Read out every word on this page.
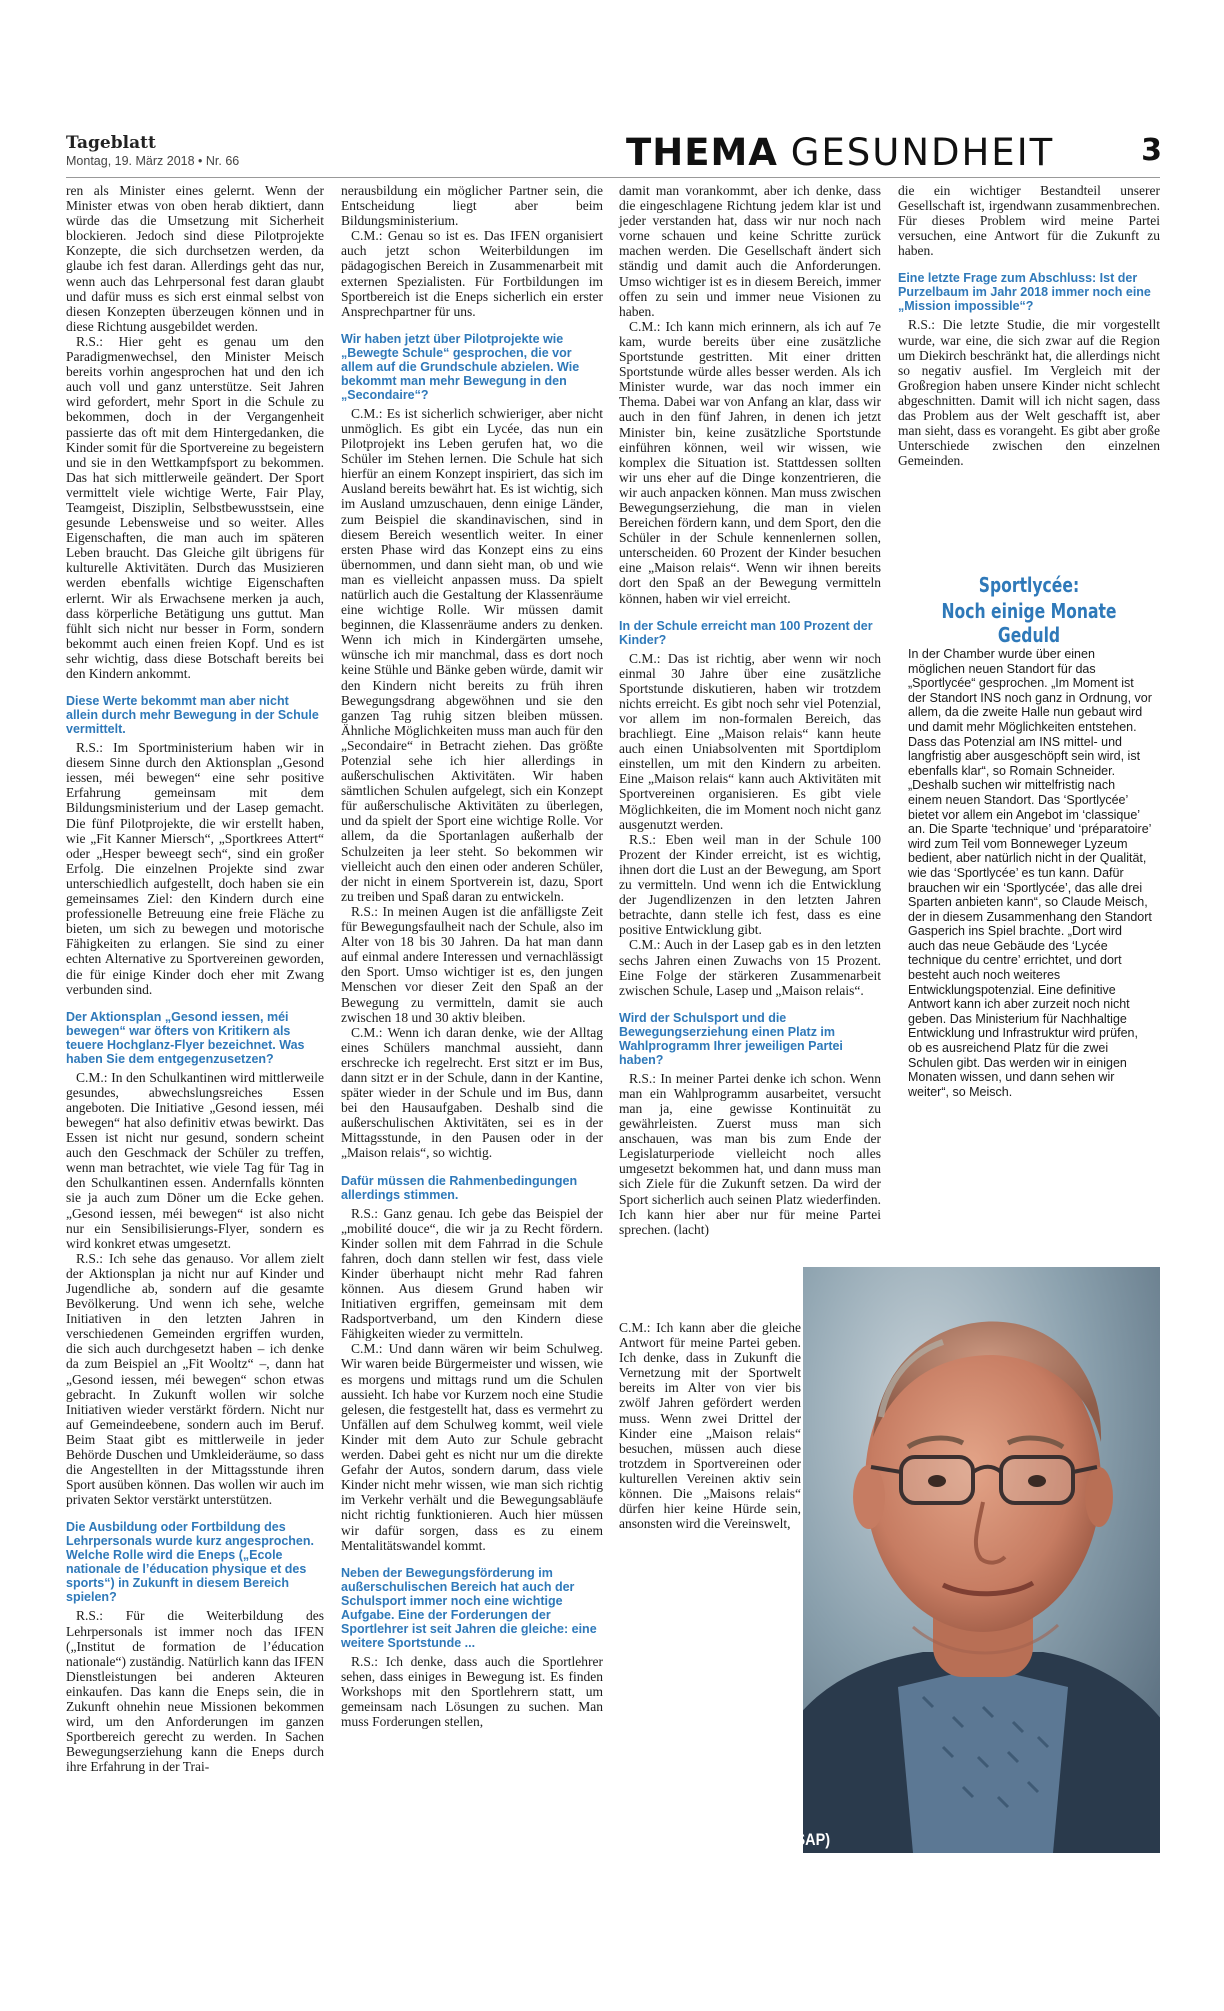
Tageblatt
Montag, 19. März 2018 • Nr. 66	THEMA GESUNDHEIT	3

ren als Minister eines gelernt. Wenn der Minister etwas von oben herab diktiert, dann würde das die Umsetzung mit Sicherheit blockieren. Jedoch sind diese Pilotprojekte Konzepte, die sich durchsetzen werden, da glaube ich fest daran. Allerdings geht das nur, wenn auch das Lehrpersonal fest daran glaubt und dafür muss es sich erst einmal selbst von diesen Konzepten überzeugen können und in diese Richtung ausgebildet werden.

R.S.: Hier geht es genau um den Paradigmenwechsel, den Minister Meisch bereits vorhin angesprochen hat und den ich auch voll und ganz unterstütze. Seit Jahren wird gefordert, mehr Sport in die Schule zu bekommen, doch in der Vergangenheit passierte das oft mit dem Hintergedanken, die Kinder somit für die Sportvereine zu begeistern und sie in den Wettkampfsport zu bekommen. Das hat sich mittlerweile geändert. Der Sport vermittelt viele wichtige Werte, Fair Play, Teamgeist, Disziplin, Selbstbewusstsein, eine gesunde Lebensweise und so weiter. Alles Eigenschaften, die man auch im späteren Leben braucht. Das Gleiche gilt übrigens für kulturelle Aktivitäten. Durch das Musizieren werden ebenfalls wichtige Eigenschaften erlernt. Wir als Erwachsene merken ja auch, dass körperliche Betätigung uns guttut. Man fühlt sich nicht nur besser in Form, sondern bekommt auch einen freien Kopf. Und es ist sehr wichtig, dass diese Botschaft bereits bei den Kindern ankommt.

Diese Werte bekommt man aber nicht allein durch mehr Bewegung in der Schule vermittelt.

R.S.: Im Sportministerium haben wir in diesem Sinne durch den Aktionsplan „Gesond iessen, méi bewegen“ eine sehr positive Erfahrung gemeinsam mit dem Bildungsministerium und der Lasep gemacht. Die fünf Pilotprojekte, die wir erstellt haben, wie „Fit Kanner Miersch“, „Sportkrees Attert“ oder „Hesper beweegt sech“, sind ein großer Erfolg. Die einzelnen Projekte sind zwar unterschiedlich aufgestellt, doch haben sie ein gemeinsames Ziel: den Kindern durch eine professionelle Betreuung eine freie Fläche zu bieten, um sich zu bewegen und motorische Fähigkeiten zu erlangen. Sie sind zu einer echten Alternative zu Sportvereinen geworden, die für einige Kinder doch eher mit Zwang verbunden sind.

Der Aktionsplan „Gesond iessen, méi bewegen“ war öfters von Kritikern als teuere Hochglanz-Flyer bezeichnet. Was haben Sie dem entgegenzusetzen?

C.M.: In den Schulkantinen wird mittlerweile gesundes, abwechslungsreiches Essen angeboten. Die Initiative „Gesond iessen, méi bewegen“ hat also definitiv etwas bewirkt. Das Essen ist nicht nur gesund, sondern scheint auch den Geschmack der Schüler zu treffen, wenn man betrachtet, wie viele Tag für Tag in den Schulkantinen essen. Andernfalls könnten sie ja auch zum Döner um die Ecke gehen. „Gesond iessen, méi bewegen“ ist also nicht nur ein Sensibilisierungs-Flyer, sondern es wird konkret etwas umgesetzt.

R.S.: Ich sehe das genauso. Vor allem zielt der Aktionsplan ja nicht nur auf Kinder und Jugendliche ab, sondern auf die gesamte Bevölkerung. Und wenn ich sehe, welche Initiativen in den letzten Jahren in verschiedenen Gemeinden ergriffen wurden, die sich auch durchgesetzt haben – ich denke da zum Beispiel an „Fit Wooltz“ –, dann hat „Gesond iessen, méi bewegen“ schon etwas gebracht. In Zukunft wollen wir solche Initiativen wieder verstärkt fördern. Nicht nur auf Gemeindeebene, sondern auch im Beruf. Beim Staat gibt es mittlerweile in jeder Behörde Duschen und Umkleideräume, so dass die Angestellten in der Mittagsstunde ihren Sport ausüben können. Das wollen wir auch im privaten Sektor verstärkt unterstützen.

Die Ausbildung oder Fortbildung des Lehrpersonals wurde kurz angesprochen. Welche Rolle wird die Eneps („Ecole nationale de l’éducation physique et des sports“) in Zukunft in diesem Bereich spielen?

R.S.: Für die Weiterbildung des Lehrpersonals ist immer noch das IFEN („Institut de formation de l’éducation nationale“) zuständig. Natürlich kann das IFEN Dienstleistungen bei anderen Akteuren einkaufen. Das kann die Eneps sein, die in Zukunft ohnehin neue Missionen bekommen wird, um den Anforderungen im ganzen Sportbereich gerecht zu werden. In Sachen Bewegungserziehung kann die Eneps durch ihre Erfahrung in der Trai-

nerausbildung ein möglicher Partner sein, die Entscheidung liegt aber beim Bildungsministerium.

C.M.: Genau so ist es. Das IFEN organisiert auch jetzt schon Weiterbildungen im pädagogischen Bereich in Zusammenarbeit mit externen Spezialisten. Für Fortbildungen im Sportbereich ist die Eneps sicherlich ein erster Ansprechpartner für uns.

Wir haben jetzt über Pilotprojekte wie „Bewegte Schule“ gesprochen, die vor allem auf die Grundschule abzielen. Wie bekommt man mehr Bewegung in den „Secondaire“?

C.M.: Es ist sicherlich schwieriger, aber nicht unmöglich. Es gibt ein Lycée, das nun ein Pilotprojekt ins Leben gerufen hat, wo die Schüler im Stehen lernen. Die Schule hat sich hierfür an einem Konzept inspiriert, das sich im Ausland bereits bewährt hat. Es ist wichtig, sich im Ausland umzuschauen, denn einige Länder, zum Beispiel die skandinavischen, sind in diesem Bereich wesentlich weiter. In einer ersten Phase wird das Konzept eins zu eins übernommen, und dann sieht man, ob und wie man es vielleicht anpassen muss. Da spielt natürlich auch die Gestaltung der Klassenräume eine wichtige Rolle. Wir müssen damit beginnen, die Klassenräume anders zu denken. Wenn ich mich in Kindergärten umsehe, wünsche ich mir manchmal, dass es dort noch keine Stühle und Bänke geben würde, damit wir den Kindern nicht bereits zu früh ihren Bewegungsdrang abgewöhnen und sie den ganzen Tag ruhig sitzen bleiben müssen. Ähnliche Möglichkeiten muss man auch für den „Secondaire“ in Betracht ziehen. Das größte Potenzial sehe ich hier allerdings in außerschulischen Aktivitäten. Wir haben sämtlichen Schulen aufgelegt, sich ein Konzept für außerschulische Aktivitäten zu überlegen, und da spielt der Sport eine wichtige Rolle. Vor allem, da die Sportanlagen außerhalb der Schulzeiten ja leer steht. So bekommen wir vielleicht auch den einen oder anderen Schüler, der nicht in einem Sportverein ist, dazu, Sport zu treiben und Spaß daran zu entwickeln.

R.S.: In meinen Augen ist die anfälligste Zeit für Bewegungsfaulheit nach der Schule, also im Alter von 18 bis 30 Jahren. Da hat man dann auf einmal andere Interessen und vernachlässigt den Sport. Umso wichtiger ist es, den jungen Menschen vor dieser Zeit den Spaß an der Bewegung zu vermitteln, damit sie auch zwischen 18 und 30 aktiv bleiben.

C.M.: Wenn ich daran denke, wie der Alltag eines Schülers manchmal aussieht, dann erschrecke ich regelrecht. Erst sitzt er im Bus, dann sitzt er in der Schule, dann in der Kantine, später wieder in der Schule und im Bus, dann bei den Hausaufgaben. Deshalb sind die außerschulischen Aktivitäten, sei es in der Mittagsstunde, in den Pausen oder in der „Maison relais“, so wichtig.

Dafür müssen die Rahmenbedingungen allerdings stimmen.

R.S.: Ganz genau. Ich gebe das Beispiel der „mobilité douce“, die wir ja zu Recht fördern. Kinder sollen mit dem Fahrrad in die Schule fahren, doch dann stellen wir fest, dass viele Kinder überhaupt nicht mehr Rad fahren können. Aus diesem Grund haben wir Initiativen ergriffen, gemeinsam mit dem Radsportverband, um den Kindern diese Fähigkeiten wieder zu vermitteln.

C.M.: Und dann wären wir beim Schulweg. Wir waren beide Bürgermeister und wissen, wie es morgens und mittags rund um die Schulen aussieht. Ich habe vor Kurzem noch eine Studie gelesen, die festgestellt hat, dass es vermehrt zu Unfällen auf dem Schulweg kommt, weil viele Kinder mit dem Auto zur Schule gebracht werden. Dabei geht es nicht nur um die direkte Gefahr der Autos, sondern darum, dass viele Kinder nicht mehr wissen, wie man sich richtig im Verkehr verhält und die Bewegungsabläufe nicht richtig funktionieren. Auch hier müssen wir dafür sorgen, dass es zu einem Mentalitätswandel kommt.

Neben der Bewegungsförderung im außerschulischen Bereich hat auch der Schulsport immer noch eine wichtige Aufgabe. Eine der Forderungen der Sportlehrer ist seit Jahren die gleiche: eine weitere Sportstunde ...

R.S.: Ich denke, dass auch die Sportlehrer sehen, dass einiges in Bewegung ist. Es finden Workshops mit den Sportlehrern statt, um gemeinsam nach Lösungen zu suchen. Man muss Forderungen stellen,

damit man vorankommt, aber ich denke, dass die eingeschlagene Richtung jedem klar ist und jeder verstanden hat, dass wir nur noch nach vorne schauen und keine Schritte zurück machen werden. Die Gesellschaft ändert sich ständig und damit auch die Anforderungen. Umso wichtiger ist es in diesem Bereich, immer offen zu sein und immer neue Visionen zu haben.

C.M.: Ich kann mich erinnern, als ich auf 7e kam, wurde bereits über eine zusätzliche Sportstunde gestritten. Mit einer dritten Sportstunde würde alles besser werden. Als ich Minister wurde, war das noch immer ein Thema. Dabei war von Anfang an klar, dass wir auch in den fünf Jahren, in denen ich jetzt Minister bin, keine zusätzliche Sportstunde einführen können, weil wir wissen, wie komplex die Situation ist. Stattdessen sollten wir uns eher auf die Dinge konzentrieren, die wir auch anpacken können. Man muss zwischen Bewegungserziehung, die man in vielen Bereichen fördern kann, und dem Sport, den die Schüler in der Schule kennenlernen sollen, unterscheiden. 60 Prozent der Kinder besuchen eine „Maison relais“. Wenn wir ihnen bereits dort den Spaß an der Bewegung vermitteln können, haben wir viel erreicht.

In der Schule erreicht man 100 Prozent der Kinder?

C.M.: Das ist richtig, aber wenn wir noch einmal 30 Jahre über eine zusätzliche Sportstunde diskutieren, haben wir trotzdem nichts erreicht. Es gibt noch sehr viel Potenzial, vor allem im non-formalen Bereich, das brachliegt. Eine „Maison relais“ kann heute auch einen Uniabsolventen mit Sportdiplom einstellen, um mit den Kindern zu arbeiten. Eine „Maison relais“ kann auch Aktivitäten mit Sportvereinen organisieren. Es gibt viele Möglichkeiten, die im Moment noch nicht ganz ausgenutzt werden.

R.S.: Eben weil man in der Schule 100 Prozent der Kinder erreicht, ist es wichtig, ihnen dort die Lust an der Bewegung, am Sport zu vermitteln. Und wenn ich die Entwicklung der Jugendlizenzen in den letzten Jahren betrachte, dann stelle ich fest, dass es eine positive Entwicklung gibt.

C.M.: Auch in der Lasep gab es in den letzten sechs Jahren einen Zuwachs von 15 Prozent. Eine Folge der stärkeren Zusammenarbeit zwischen Schule, Lasep und „Maison relais“.

Wird der Schulsport und die Bewegungserziehung einen Platz im Wahlprogramm Ihrer jeweiligen Partei haben?

R.S.: In meiner Partei denke ich schon. Wenn man ein Wahlprogramm ausarbeitet, versucht man ja, eine gewisse Kontinuität zu gewährleisten. Zuerst muss man sich anschauen, was man bis zum Ende der Legislaturperiode vielleicht noch alles umgesetzt bekommen hat, und dann muss man sich Ziele für die Zukunft setzen. Da wird der Sport sicherlich auch seinen Platz wiederfinden. Ich kann hier aber nur für meine Partei sprechen. (lacht)

C.M.: Ich kann aber die gleiche Antwort für meine Partei geben. Ich denke, dass in Zukunft die Vernetzung mit der Sportwelt bereits im Alter von vier bis zwölf Jahren gefördert werden muss. Wenn zwei Drittel der Kinder eine „Maison relais“ besuchen, müssen auch diese trotzdem in Sportvereinen oder kulturellen Vereinen aktiv sein können. Die „Maisons relais“ dürfen hier keine Hürde sein, ansonsten wird die Vereinswelt,

die ein wichtiger Bestandteil unserer Gesellschaft ist, irgendwann zusammenbrechen. Für dieses Problem wird meine Partei versuchen, eine Antwort für die Zukunft zu haben.

Eine letzte Frage zum Abschluss: Ist der Purzelbaum im Jahr 2018 immer noch eine „Mission impossible“?

R.S.: Die letzte Studie, die mir vorgestellt wurde, war eine, die sich zwar auf die Region um Diekirch beschränkt hat, die allerdings nicht so negativ ausfiel. Im Vergleich mit der Großregion haben unsere Kinder nicht schlecht abgeschnitten. Damit will ich nicht sagen, dass das Problem aus der Welt geschafft ist, aber man sieht, dass es vorangeht. Es gibt aber große Unterschiede zwischen den einzelnen Gemeinden.

Sportlycée:
Noch einige Monate Geduld

In der Chamber wurde über einen möglichen neuen Standort für das „Sportlycée“ gesprochen. „Im Moment ist der Standort INS noch ganz in Ordnung, vor allem, da die zweite Halle nun gebaut wird und damit mehr Möglichkeiten entstehen. Dass das Potenzial am INS mittel- und langfristig aber ausgeschöpft sein wird, ist ebenfalls klar“, so Romain Schneider. „Deshalb suchen wir mittelfristig nach einem neuen Standort. Das ‘Sportlycée’ bietet vor allem ein Angebot im ‘classique’ an. Die Sparte ‘technique’ und ‘préparatoire’ wird zum Teil vom Bonneweger Lyzeum bedient, aber natürlich nicht in der Qualität, wie das ‘Sportlycée’ es tun kann. Dafür brauchen wir ein ‘Sportlycée’, das alle drei Sparten anbieten kann“, so Claude Meisch, der in diesem Zusammenhang den Standort Gasperich ins Spiel brachte. „Dort wird auch das neue Gebäude des ‘Lycée technique du centre’ errichtet, und dort besteht auch noch weiteres Entwicklungspotenzial. Eine definitive Antwort kann ich aber zurzeit noch nicht geben. Das Ministerium für Nachhaltige Entwicklung und Infrastruktur wird prüfen, ob es ausreichend Platz für die zwei Schulen gibt. Das werden wir in einigen Monaten wissen, und dann sehen wir weiter“, so Meisch.

Romain Schneider (LSAP)
